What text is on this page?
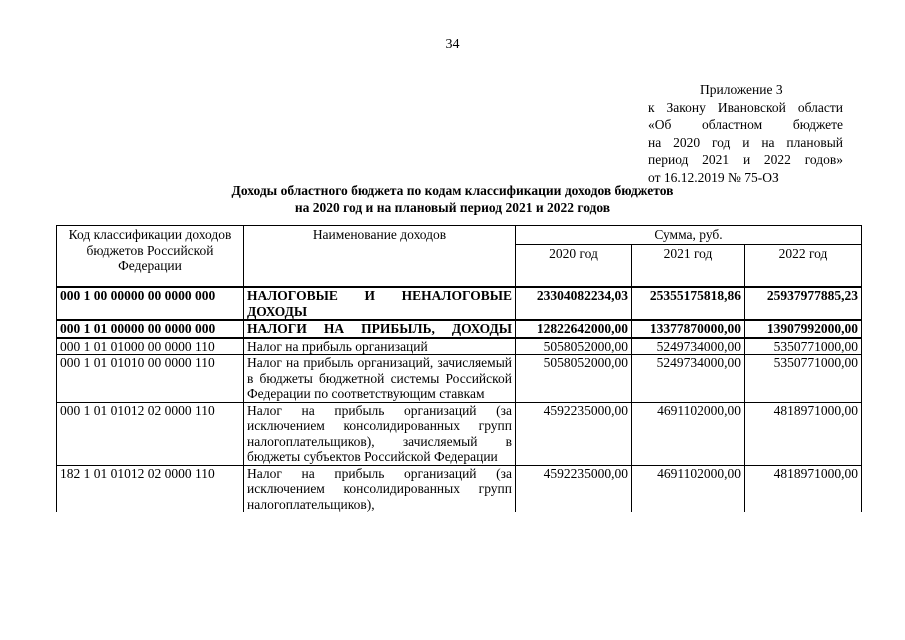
34
Приложение 3
к Закону Ивановской области
«Об областном бюджете
на 2020 год и на плановый
период 2021 и 2022 годов»
от 16.12.2019 № 75-ОЗ
Доходы областного бюджета по кодам классификации доходов бюджетов
на 2020 год и на плановый период 2021 и 2022 годов
Код классификации доходов бюджетов Российской Федерации	Наименование доходов	Сумма, руб.		
		2020 год	2021 год	2022 год
000 1 00 00000 00 0000 000	НАЛОГОВЫЕ И НЕНАЛОГОВЫЕ ДОХОДЫ	23304082234,03	25355175818,86	25937977885,23
000 1 01 00000 00 0000 000	НАЛОГИ НА ПРИБЫЛЬ, ДОХОДЫ	12822642000,00	13377870000,00	13907992000,00
000 1 01 01000 00 0000 110	Налог на прибыль организаций	5058052000,00	5249734000,00	5350771000,00
000 1 01 01010 00 0000 110	Налог на прибыль организаций, зачисляемый в бюджеты бюджетной системы Российской Федерации по соответствующим ставкам	5058052000,00	5249734000,00	5350771000,00
000 1 01 01012 02 0000 110	Налог на прибыль организаций (за исключением консолидированных групп налогоплательщиков), зачисляемый в бюджеты субъектов Российской Федерации	4592235000,00	4691102000,00	4818971000,00
182 1 01 01012 02 0000 110	Налог на прибыль организаций (за исключением консолидированных групп налогоплательщиков),	4592235000,00	4691102000,00	4818971000,00
